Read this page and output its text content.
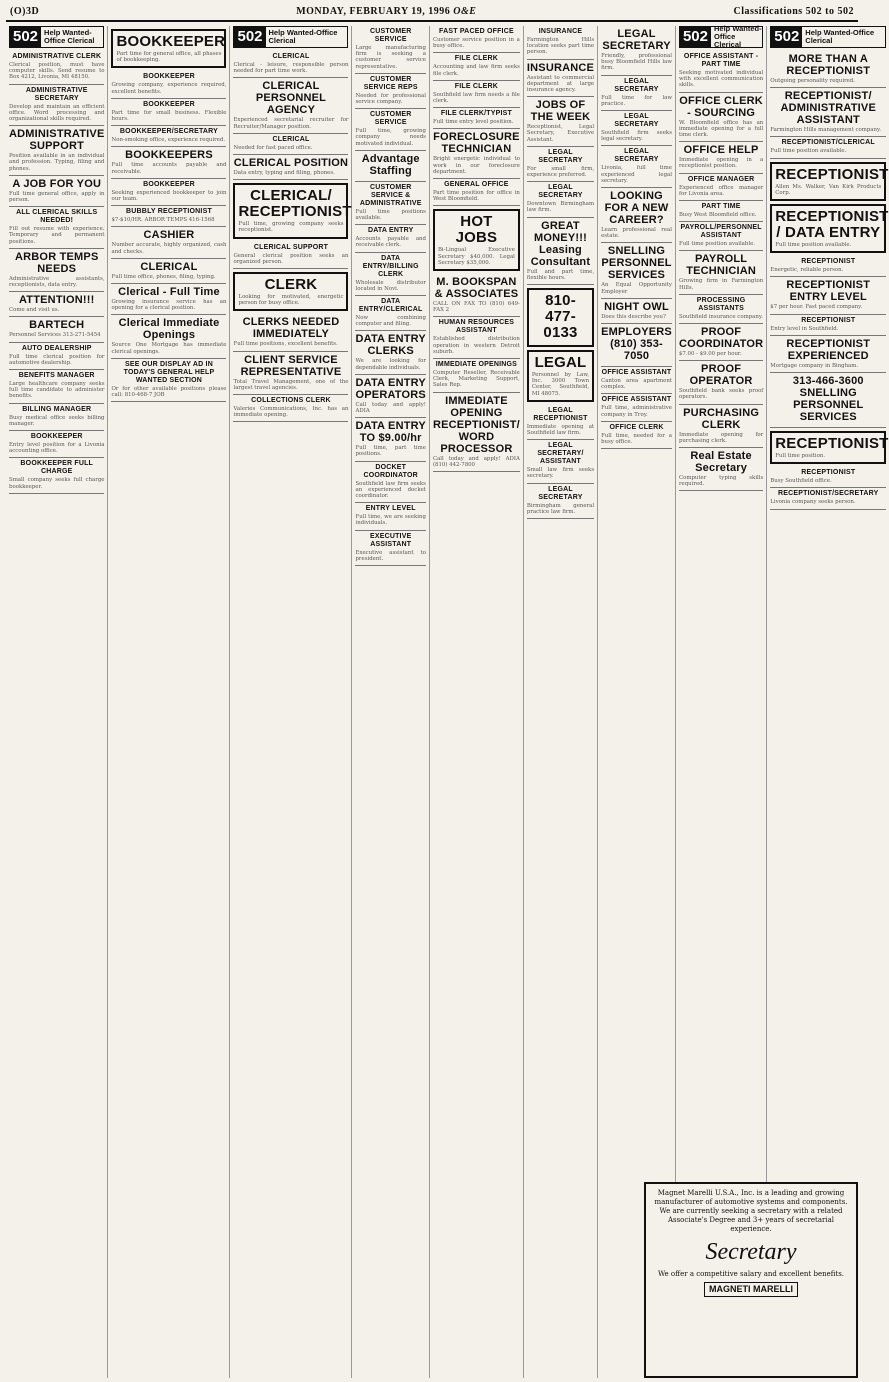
(O)3D	MONDAY, FEBRUARY 19, 1996 O&E	Classifications 502 to 502
502 Help Wanted-Office Clerical
ADMINISTRATIVE CLERK
Clerical position, must have computer skills. Send resume to Box 4212, Livonia, MI 48150.
ADMINISTRATIVE SECRETARY
Develop and maintain an efficient office. Word processing and organizational skills required.
ADMINISTRATIVE SUPPORT
Position available in an individual and profession. Typing, filing and phones.
A JOB FOR YOU
Full time general office, apply in person.
ALL CLERICAL SKILLS NEEDED!
Fill out resume with experience. Temporary and permanent positions.
ARBOR TEMPS NEEDS
Administrative assistants, receptionists, data entry.
ATTENTION!!!
Come and visit us.
BARTECH
Personnel Services 313-271-5454
AUTO DEALERSHIP
Full time clerical position for automotive dealership.
BENEFITS MANAGER
Large healthcare company seeks full time candidate to administer benefits.
BILLING MANAGER
Busy medical office seeks billing manager.
BOOKKEEPER
Entry level position for a Livonia accounting office.
BOOKKEEPER FULL CHARGE
Small company seeks full charge bookkeeper.
BOOKKEEPER
Part time for general office, all phases of bookkeeping.
BOOKKEEPER
Growing company, experience required, excellent benefits.
BOOKKEEPER
Part time for small business. Flexible hours.
BOOKKEEPER/SECRETARY
Non-smoking office, experience required.
BOOKKEEPERS
Full time accounts payable and receivable.
BOOKKEEPER
Seeking experienced bookkeeper to join our team.
BUBBLY RECEPTIONIST
$7-$10/HR. ARBOR TEMPS 416-1568
CASHIER
Number accurate, highly organized, cash and checks.
CLERICAL
Full time office, phones, filing, typing.
Clerical - Full Time
Growing insurance service has an opening for a clerical position.
Clerical Immediate Openings
Source One Mortgage has immediate clerical openings.
SEE OUR DISPLAY AD IN TODAY'S GENERAL HELP WANTED SECTION
Or for other available positions please call: 810-468-7 JOB
502 Help Wanted-Office Clerical
CLERICAL
Clerical - leisure, responsible person needed for part time work.
CLERICAL PERSONNEL AGENCY
Experienced secretarial recruiter for Recruiter/Manager position.
CLERICAL
Needed for fast paced office.
CLERICAL POSITION
Data entry, typing and filing, phones.
CLERICAL/ RECEPTIONIST
Full time, growing company seeks receptionist.
CLERICAL SUPPORT
General clerical position seeks an organized person.
CLERK
Looking for motivated, energetic person for busy office.
CLERKS NEEDED IMMEDIATELY
Full time positions, excellent benefits.
CLIENT SERVICE REPRESENTATIVE
Total Travel Management, one of the largest travel agencies.
COLLECTIONS CLERK
Valeries Communications, Inc. has an immediate opening.
CUSTOMER SERVICE
Large manufacturing firm is seeking a customer service representative.
CUSTOMER SERVICE REPS
Needed for professional service company.
CUSTOMER SERVICE
Full time, growing company needs motivated individual.
Advantage Staffing
CUSTOMER SERVICE & ADMINISTRATIVE
Full time positions available.
DATA ENTRY
Accounts payable and receivable clerk.
DATA ENTRY/BILLING CLERK
Wholesale distributor located in Novi.
DATA ENTRY/CLERICAL
Now combining computer and filing.
DATA ENTRY CLERKS
We are looking for dependable individuals.
DATA ENTRY OPERATORS
Call today and apply! ADIA
DATA ENTRY TO $9.00/hr
Full time, part time positions.
DOCKET COORDINATOR
Southfield law firm seeks an experienced docket coordinator.
ENTRY LEVEL
Full time, we are seeking individuals.
EXECUTIVE ASSISTANT
Executive assistant to president.
FAST PACED OFFICE
Customer service position in a busy office.
FILE CLERK
Accounting and law firm seeks file clerk.
FILE CLERK
Southfield law firm needs a file clerk.
FILE CLERK/TYPIST
Full time entry level position.
FORECLOSURE TECHNICIAN
Bright energetic individual to work in our foreclosure department.
GENERAL OFFICE
Part time position for office in West Bloomfield.
HOT JOBS
Bi-Lingual Executive Secretary $40,000. Legal Secretary $35,000.
M. BOOKSPAN & ASSOCIATES
CALL ON FAX TO (810) 649-FAX 2
HUMAN RESOURCES ASSISTANT
Established distribution operation in western Detroit suburb.
IMMEDIATE OPENINGS
Computer Reseller, Receivable Clerk, Marketing Support, Sales Rep.
IMMEDIATE OPENING RECEPTIONIST/ WORD PROCESSOR
Call today and apply! ADIA (810) 442-7800
INSURANCE
Farmington Hills location seeks part time person.
INSURANCE
Assistant to commercial department at large insurance agency.
JOBS OF THE WEEK
Receptionist, Legal Secretary, Executive Assistant.
LEGAL SECRETARY
For small firm, experience preferred.
LEGAL SECRETARY
Downtown Birmingham law firm.
GREAT MONEY!!! Leasing Consultant
Full and part time, flexible hours.
810-477-0133
LEGAL
Personnel by Law, Inc. 3000 Town Center, Southfield, MI 48075.
LEGAL RECEPTIONIST
Immediate opening at Southfield law firm.
LEGAL SECRETARY/ ASSISTANT
Small law firm seeks secretary.
LEGAL SECRETARY
Birmingham general practice law firm.
LEGAL SECRETARY
Friendly, professional busy Bloomfield Hills law firm.
LEGAL SECRETARY
Full time for law practice.
LEGAL SECRETARY
Southfield firm seeks legal secretary.
LEGAL SECRETARY
Livonia, full time experienced legal secretary.
LOOKING FOR A NEW CAREER?
Learn professional real estate.
SNELLING PERSONNEL SERVICES
An Equal Opportunity Employer
NIGHT OWL
Does this describe you?
EMPLOYERS (810) 353-7050
OFFICE ASSISTANT
Canton area apartment complex.
OFFICE ASSISTANT
Full time, administrative company in Troy.
OFFICE CLERK
Full time, needed for a busy office.
502 Help Wanted-Office Clerical
OFFICE ASSISTANT - PART TIME
Seeking motivated individual with excellent communication skills.
OFFICE CLERK - SOURCING
W. Bloomfield office has an immediate opening for a full time clerk.
OFFICE HELP
Immediate opening in a receptionist position.
OFFICE MANAGER
Experienced office manager for Livonia area.
PART TIME
Busy West Bloomfield office.
PAYROLL/PERSONNEL ASSISTANT
Full time position available.
PAYROLL TECHNICIAN
Growing firm in Farmington Hills.
PROCESSING ASSISTANTS
Southfield insurance company.
PROOF COORDINATOR
$7.00 - $9.00 per hour.
PROOF OPERATOR
Southfield bank seeks proof operators.
PURCHASING CLERK
Immediate opening for purchasing clerk.
Real Estate Secretary
Computer typing skills required.
502 Help Wanted-Office Clerical
MORE THAN A RECEPTIONIST
Outgoing personality required.
RECEPTIONIST/ ADMINISTRATIVE ASSISTANT
Farmington Hills management company.
RECEPTIONIST/CLERICAL
Full time position available.
RECEPTIONIST
Allen Ms. Walker, Van Kirk Products Corp.
RECEPTIONIST / DATA ENTRY
Full time position available.
RECEPTIONIST
Energetic, reliable person.
RECEPTIONIST ENTRY LEVEL
$7 per hour. Fast paced company.
RECEPTIONIST
Entry level in Southfield.
RECEPTIONIST EXPERIENCED
Mortgage company in Bingham.
313-466-3600 SNELLING PERSONNEL SERVICES
RECEPTIONIST
Full time position.
RECEPTIONIST
Busy Southfield office.
RECEPTIONIST/SECRETARY
Livonia company seeks person.
Magnet Marelli U.S.A., Inc. is a leading and growing manufacturer of automotive systems and components. We are currently seeking a secretary with a related Associate's Degree and 3+ years of secretarial experience.
Secretary
We offer a competitive salary and excellent benefits.
MAGNETI MARELLI
